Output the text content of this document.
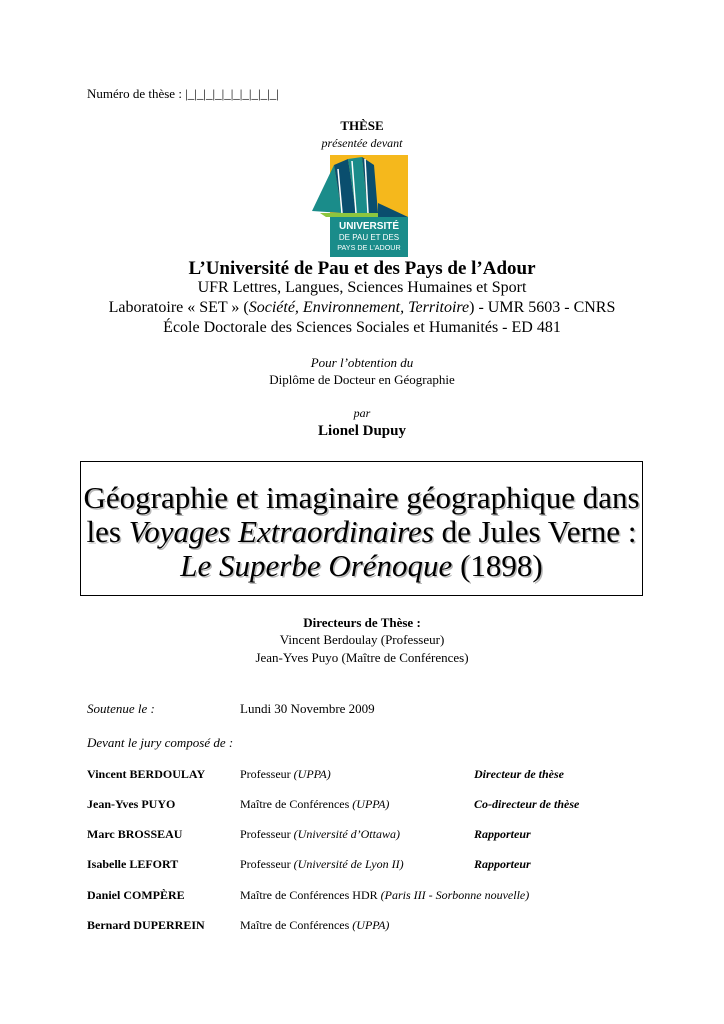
Numéro de thèse : |_|_|_|_|_|_|_|_|_|_|
THÈSE
présentée devant
UNIVERSITÉ
DE PAU ET DES
PAYS DE L'ADOUR
L’Université de Pau et des Pays de l’Adour
UFR Lettres, Langues, Sciences Humaines et Sport
Laboratoire « SET » (Société, Environnement, Territoire) - UMR 5603 - CNRS
École Doctorale des Sciences Sociales et Humanités - ED 481
Pour l’obtention du
Diplôme de Docteur en Géographie
par
Lionel Dupuy
Géographie et imaginaire géographique dans
les Voyages Extraordinaires de Jules Verne :
Le Superbe Orénoque (1898)
Directeurs de Thèse :
Vincent Berdoulay (Professeur)
Jean-Yves Puyo (Maître de Conférences)
Soutenue le :	Lundi 30 Novembre 2009
Devant le jury composé de :
Vincent BERDOULAY	Professeur (UPPA)	Directeur de thèse
Jean-Yves PUYO	Maître de Conférences (UPPA)	Co-directeur de thèse
Marc BROSSEAU	Professeur (Université d’Ottawa)	Rapporteur
Isabelle LEFORT	Professeur (Université de Lyon II)	Rapporteur
Daniel COMPÈRE	Maître de Conférences HDR (Paris III - Sorbonne nouvelle)
Bernard DUPERREIN	Maître de Conférences (UPPA)
